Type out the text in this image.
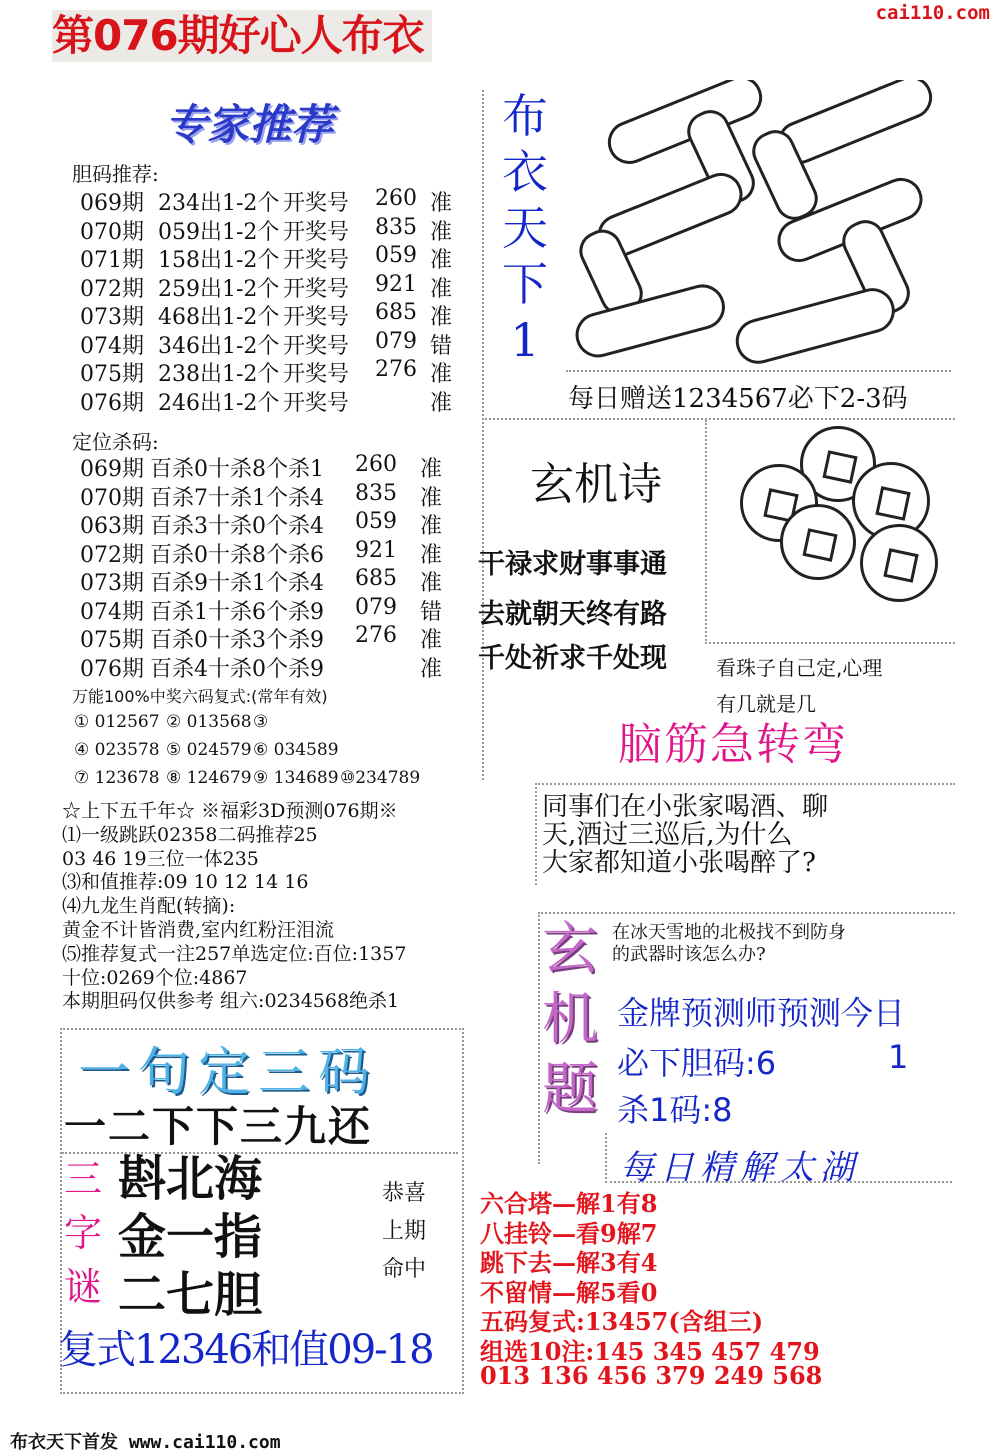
第076期好心人布衣	cai110.com
专家推荐
胆码推荐:
069期 234出1-2个 开奖号 260 准
070期 059出1-2个 开奖号 835 准
071期 158出1-2个 开奖号 059 准
072期 259出1-2个 开奖号 921 准
073期 468出1-2个 开奖号 685 准
074期 346出1-2个 开奖号 079 错
075期 238出1-2个 开奖号 276 准
076期 246出1-2个 开奖号	准
定位杀码:
069期 百杀0十杀8个杀1 260 准
070期 百杀7十杀1个杀4 835 准
063期 百杀3十杀0个杀4 059 准
072期 百杀0十杀8个杀6 921 准
073期 百杀9十杀1个杀4 685 准
074期 百杀1十杀6个杀9 079 错
075期 百杀0十杀3个杀9 276 准
076期 百杀4十杀0个杀9	准
万能100%中奖六码复式:(常年有效)
① 012567 ② 013568 ③
④ 023578 ⑤ 024579 ⑥ 034589
⑦ 123678 ⑧ 124679 ⑨ 134689 ⑩234789
布
衣
天
下
1
每日赠送1234567必下2-3码
玄机诗
干禄求财事事通
去就朝天终有路
千处祈求千处现 看珠子自己定,心理
有几就是几
脑筋急转弯
同事们在小张家喝酒、聊
天,酒过三巡后,为什么
大家都知道小张喝醉了?
☆上下五千年☆ ※福彩3D预测076期※
⑴一级跳跃02358二码推荐25
03 46 19三位一体235
⑶和值推荐:09 10 12 14 16
⑷九龙生肖配(转摘):
黄金不计皆消费,室内红粉汪泪流
⑸推荐复式一注257单选定位:百位:1357
十位:0269个位:4867
本期胆码仅供参考 组六:0234568绝杀1
玄
机
题
在冰天雪地的北极找不到防身
的武器时该怎么办?
金牌预测师预测今日
必下胆码:6	1
杀1码:8
一句定三码
一二下下三九还
三
字
谜
斟北海
金一指
二七胆
恭喜
上期
命中
复式12346和值09-18
每日精解太湖
六合塔—解1有8
八挂铃—看9解7
跳下去—解3有4
不留情—解5看0
五码复式:13457(含组三)
组选10注:145 345 457 479
013 136 456 379 249 568
布衣天下首发 www.cai110.com
